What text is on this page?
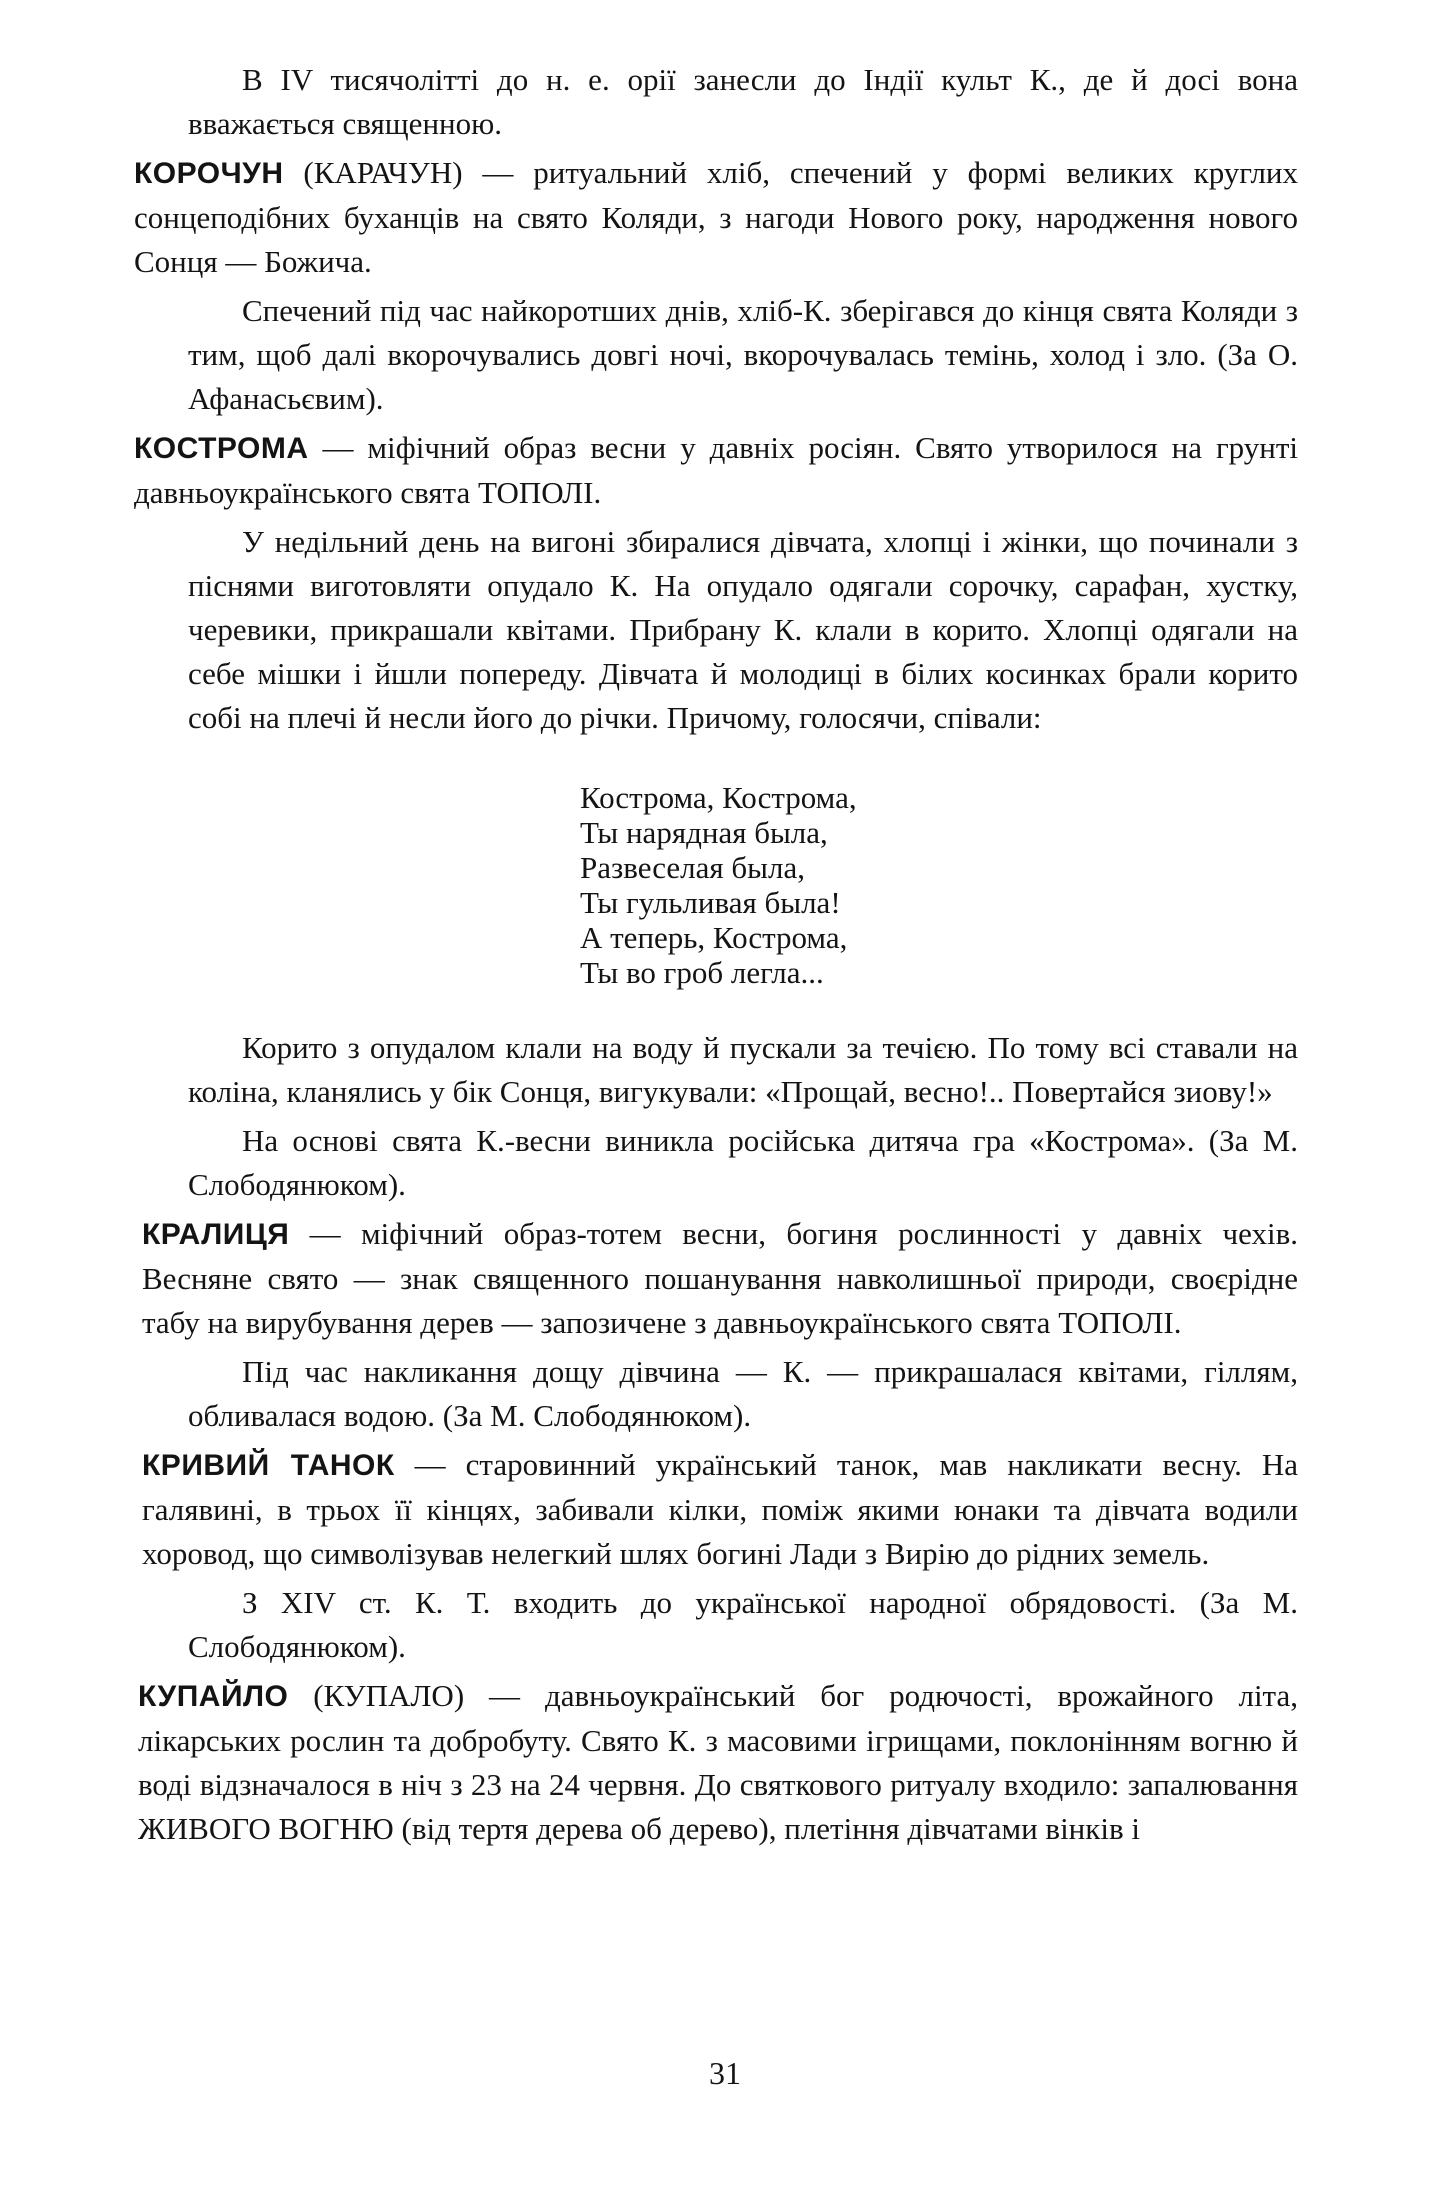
В IV тисячолітті до н. е. орії занесли до Індії культ К., де й досі вона вважається священною.

КОРОЧУН (КАРАЧУН) — ритуальний хліб, спечений у формі великих круглих сонцеподібних буханців на свято Коляди, з нагоди Нового року, народження нового Сонця — Божича.

Спечений під час найкоротших днів, хліб-К. зберігався до кінця свята Коляди з тим, щоб далі вкорочувались довгі ночі, вкорочувалась темінь, холод і зло. (За О. Афанасьєвим).

КОСТРОМА — міфічний образ весни у давніх росіян. Свято утворилося на грунті давньоукраїнського свята ТОПОЛІ.

У недільний день на вигоні збиралися дівчата, хлопці і жінки, що починали з піснями виготовляти опудало К. На опудало одягали сорочку, сарафан, хустку, черевики, прикрашали квітами. Прибрану К. клали в корито. Хлопці одягали на себе мішки і йшли попереду. Дівчата й молодиці в білих косинках брали корито собі на плечі й несли його до річки. Причому, голосячи, співали:

Кострома, Кострома,
Ты нарядная была,
Развеселая была,
Ты гульливая была!
А теперь, Кострома,
Ты во гроб легла...

Корито з опудалом клали на воду й пускали за течією. По тому всі ставали на коліна, кланялись у бік Сонця, вигукували: «Прощай, весно!.. Повертайся зиову!»

На основі свята К.-весни виникла російська дитяча гра «Кострома». (За М. Слободянюком).

КРАЛИЦЯ — міфічний образ-тотем весни, богиня рослинності у давніх чехів. Весняне свято — знак священного пошанування навколишньої природи, своєрідне табу на вирубування дерев — запозичене з давньоукраїнського свята ТОПОЛІ.

Під час накликання дощу дівчина — К. — прикрашалася квітами, гіллям, обливалася водою. (За М. Слободянюком).

КРИВИЙ ТАНОК — старовинний український танок, мав накликати весну. На галявині, в трьох її кінцях, забивали кілки, поміж якими юнаки та дівчата водили хоровод, що символізував нелегкий шлях богині Лади з Вирію до рідних земель.

З XIV ст. К. Т. входить до української народної обрядовості. (За М. Слободянюком).

КУПАЙЛО (КУПАЛО) — давньоукраїнський бог родючості, врожайного літа, лікарських рослин та добробуту. Свято К. з масовими ігрищами, поклонінням вогню й воді відзначалося в ніч з 23 на 24 червня. До святкового ритуалу входило: запалювання ЖИВОГО ВОГНЮ (від тертя дерева об дерево), плетіння дівчатами вінків і

31
